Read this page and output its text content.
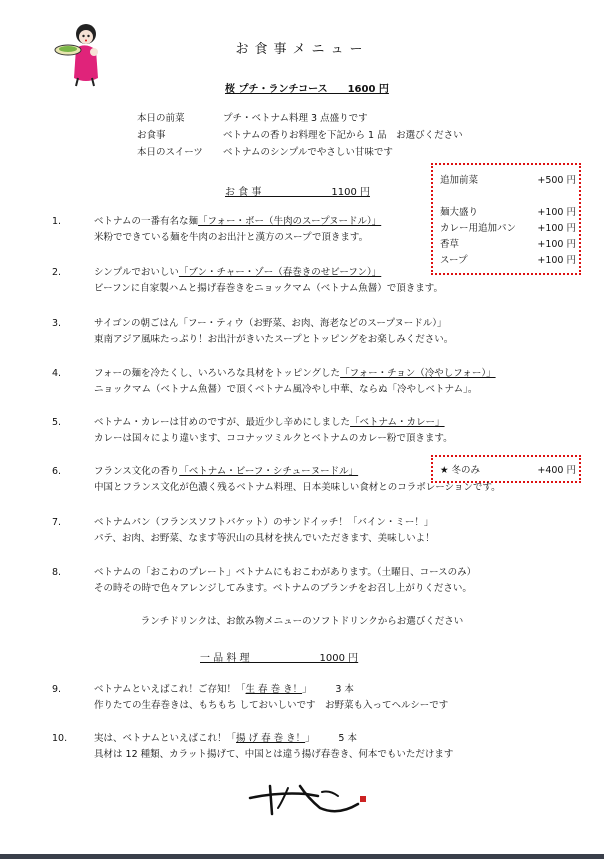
お食事メニュー
桜 プチ・ランチコース　　1600 円
本日の前菜	プチ・ベトナム料理 3 点盛りです
お食事	ベトナムの香りお料理を下記から 1 品　お選びください
本日のスイーツ	ベトナムのシンプルでやさしい甘味です
お 食 事　　　　　　　1100 円
追加前菜	+500 円
麺大盛り	+100 円
カレー用追加パン	+100 円
香草	+100 円
スープ	+100 円
1.	ベトナムの一番有名な麺「フォー・ボー（牛肉のスープヌードル）」
米粉でできている麺を牛肉のお出汁と漢方のスープで頂きます。
2.	シンプルでおいしい「ブン・チャー・ゾー（春巻きのせビーフン）」
ビーフンに自家製ハムと揚げ春巻きをニョックマム（ベトナム魚醤）で頂きます。
3.	サイゴンの朝ごはん「フー・ティウ（お野菜、お肉、海老などのスープヌードル）」
東南アジア風味たっぷり！お出汁がきいたスープとトッピングをお楽しみください。
4.	フォーの麺を冷たくし、いろいろな具材をトッピングした「フォー・チョン（冷やしフォー）」
ニョックマム（ベトナム魚醤）で頂くベトナム風冷やし中華、ならぬ「冷やしベトナム」。
5.	ベトナム・カレーは甘めのですが、最近少し辛めにしました「ベトナム・カレー」
カレーは国々により違います、ココナッツミルクとベトナムのカレー粉で頂きます。
★ 冬のみ	+400 円
6.	フランス文化の香り「ベトナム・ビーフ・シチューヌードル」
中国とフランス文化が色濃く残るベトナム料理、日本美味しい食材とのコラボレーションです。
7.	ベトナムパン（フランスソフトバケット）のサンドイッチ！「バイン・ミー！」
パテ、お肉、お野菜、なます等沢山の具材を挟んでいただきます、美味しいよ！
8.	ベトナムの「おこわのプレート」ベトナムにもおこわがあります。（土曜日、コースのみ）
その時その時で色々アレンジしてみます。ベトナムのブランチをお召し上がりください。
ランチドリンクは、お飲み物メニューのソフトドリンクからお選びください
一 品 料 理　　　　　　　1000 円
9.	ベトナムといえばこれ！ご存知！「生 春 巻 き！」　　　3 本
作りたての生春巻きは、もちもち しておいしいです　お野菜も入ってヘルシーです
10.	実は、ベトナムといえばこれ！「揚 げ 春 巻 き！」　　　5 本
具材は 12 種類、カラット揚げて、中国とは違う揚げ春巻き、何本でもいただけます
